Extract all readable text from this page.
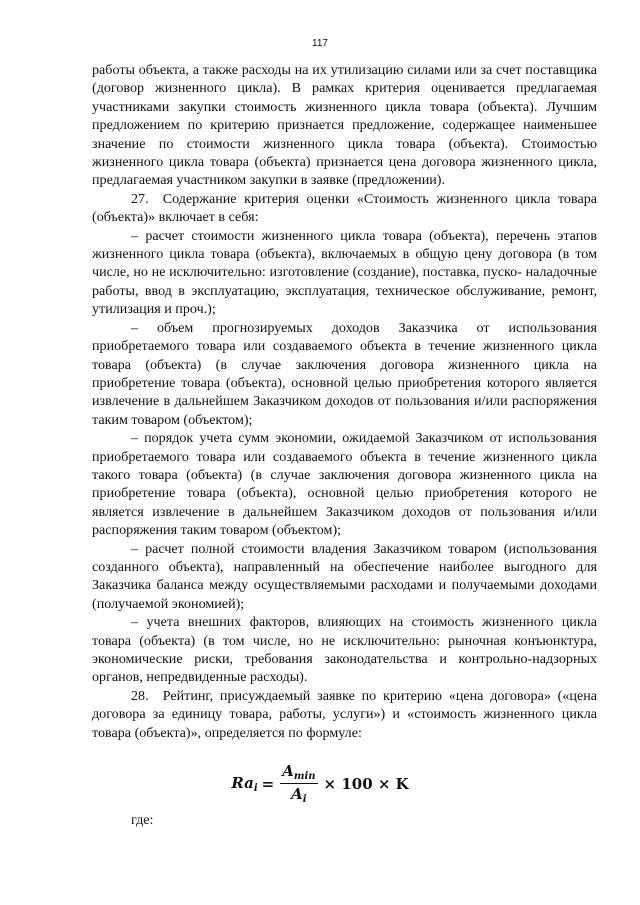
117

работы объекта, а также расходы на их утилизацию силами или за счет поставщика (договор жизненного цикла). В рамках критерия оценивается предлагаемая участниками закупки стоимость жизненного цикла товара (объекта). Лучшим предложением по критерию признается предложение, содержащее наименьшее значение по стоимости жизненного цикла товара (объекта). Стоимостью жизненного цикла товара (объекта) признается цена договора жизненного цикла, предлагаемая участником закупки в заявке (предложении).

27. Содержание критерия оценки «Стоимость жизненного цикла товара (объекта)» включает в себя:

– расчет стоимости жизненного цикла товара (объекта), перечень этапов жизненного цикла товара (объекта), включаемых в общую цену договора (в том числе, но не исключительно: изготовление (создание), поставка, пуско- наладочные работы, ввод в эксплуатацию, эксплуатация, техническое обслуживание, ремонт, утилизация и проч.);

– объем прогнозируемых доходов Заказчика от использования приобретаемого товара или создаваемого объекта в течение жизненного цикла товара (объекта) (в случае заключения договора жизненного цикла на приобретение товара (объекта), основной целью приобретения которого является извлечение в дальнейшем Заказчиком доходов от пользования и/или распоряжения таким товаром (объектом);

– порядок учета сумм экономии, ожидаемой Заказчиком от использования приобретаемого товара или создаваемого объекта в течение жизненного цикла такого товара (объекта) (в случае заключения договора жизненного цикла на приобретение товара (объекта), основной целью приобретения которого не является извлечение в дальнейшем Заказчиком доходов от пользования и/или распоряжения таким товаром (объектом);

– расчет полной стоимости владения Заказчиком товаром (использования созданного объекта), направленный на обеспечение наиболее выгодного для Заказчика баланса между осуществляемыми расходами и получаемыми доходами (получаемой экономией);

– учета внешних факторов, влияющих на стоимость жизненного цикла товара (объекта) (в том числе, но не исключительно: рыночная конъюнктура, экономические риски, требования законодательства и контрольно-надзорных органов, непредвиденные расходы).

28. Рейтинг, присуждаемый заявке по критерию «цена договора» («цена договора за единицу товара, работы, услуги») и «стоимость жизненного цикла товара (объекта)», определяется по формуле:

$Ra_i = \frac{A_{min}}{A_i} \times 100 \times K$
где:
